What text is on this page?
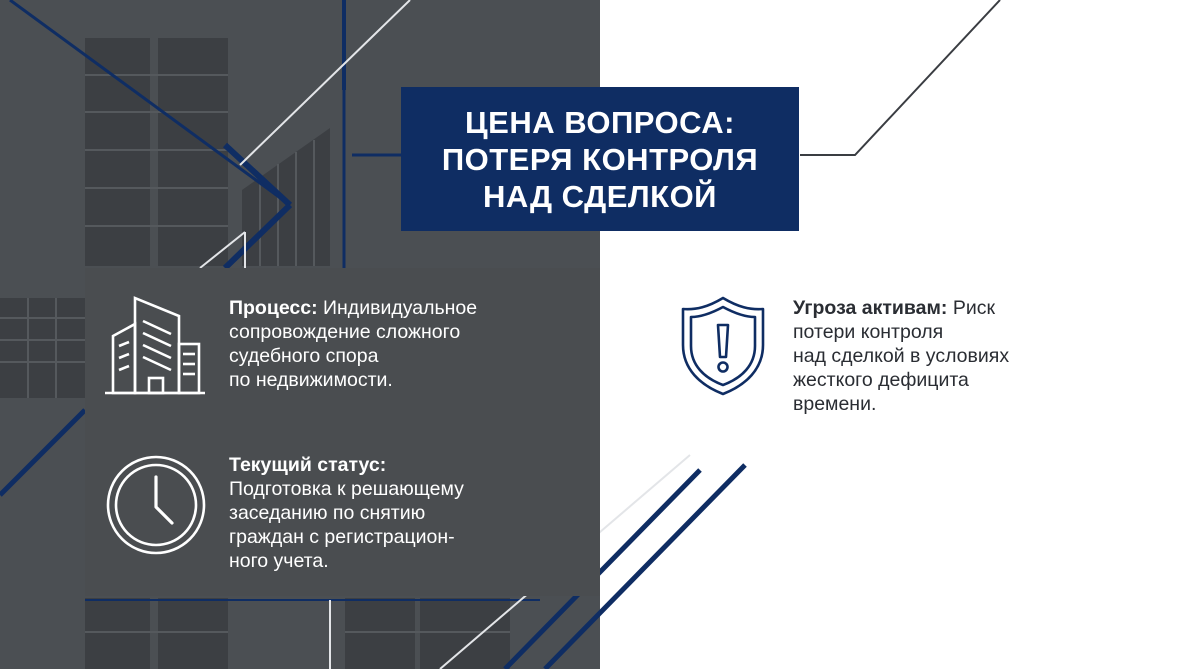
ЦЕНА ВОПРОСА:
ПОТЕРЯ КОНТРОЛЯ
НАД СДЕЛКОЙ
Процесс: Индивидуальное
сопровождение сложного
судебного спора
по недвижимости.
Текущий статус:
Подготовка к решающему
заседанию по снятию
граждан с регистрацион-
ного учета.
Угроза активам: Риск
потери контроля
над сделкой в условиях
жесткого дефицита
времени.
